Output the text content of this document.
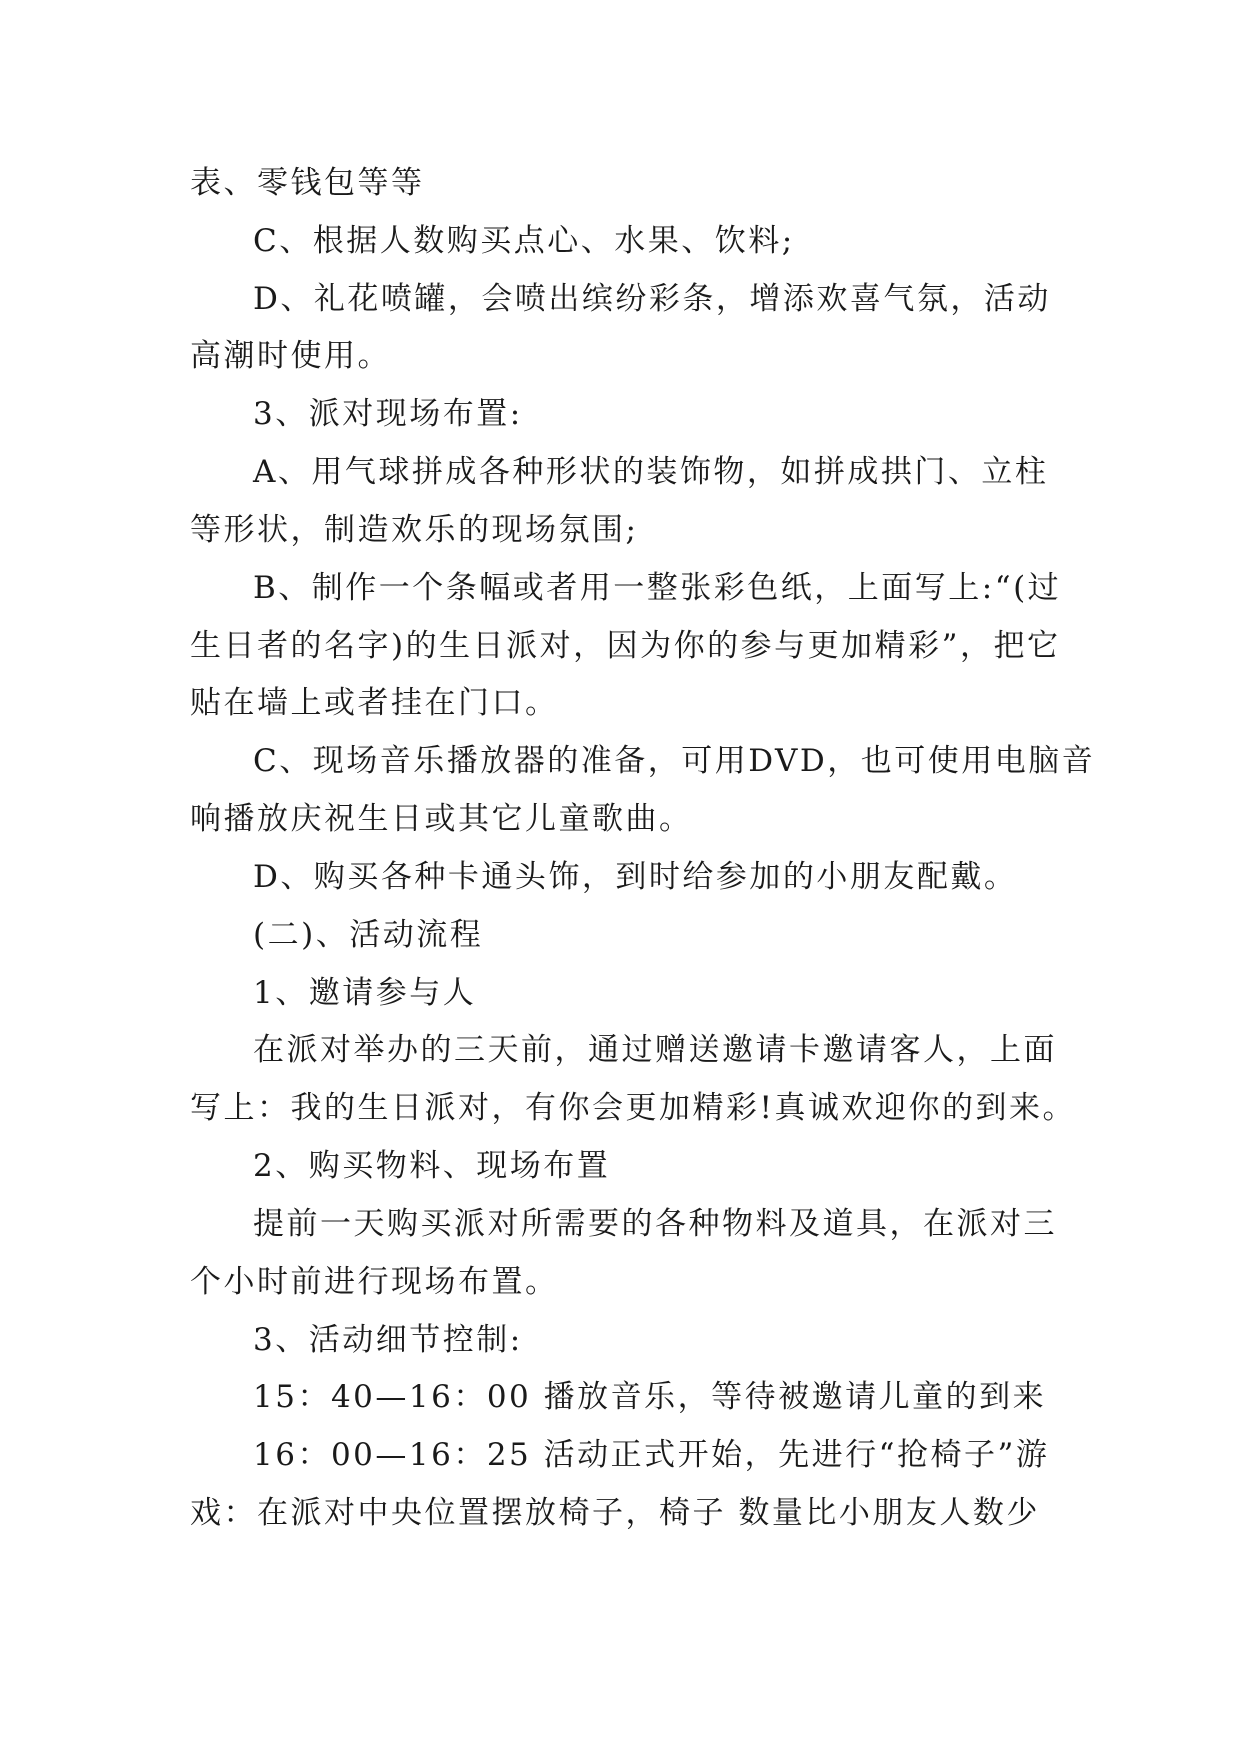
表、零钱包等等

C、根据人数购买点心、水果、饮料;

D、礼花喷罐，会喷出缤纷彩条，增添欢喜气氛，活动

高潮时使用。

3、派对现场布置:

A、用气球拼成各种形状的装饰物，如拼成拱门、立柱

等形状，制造欢乐的现场氛围;

B、制作一个条幅或者用一整张彩色纸，上面写上:“(过

生日者的名字)的生日派对，因为你的参与更加精彩”，把它

贴在墙上或者挂在门口。

C、现场音乐播放器的准备，可用DVD，也可使用电脑音

响播放庆祝生日或其它儿童歌曲。

D、购买各种卡通头饰，到时给参加的小朋友配戴。

(二)、活动流程

1、邀请参与人

在派对举办的三天前，通过赠送邀请卡邀请客人，上面

写上：我的生日派对，有你会更加精彩!真诚欢迎你的到来。

2、购买物料、现场布置

提前一天购买派对所需要的各种物料及道具，在派对三

个小时前进行现场布置。

3、活动细节控制:

15：40—16：00 播放音乐，等待被邀请儿童的到来

16：00—16：25 活动正式开始，先进行“抢椅子”游

戏：在派对中央位置摆放椅子，椅子 数量比小朋友人数少
